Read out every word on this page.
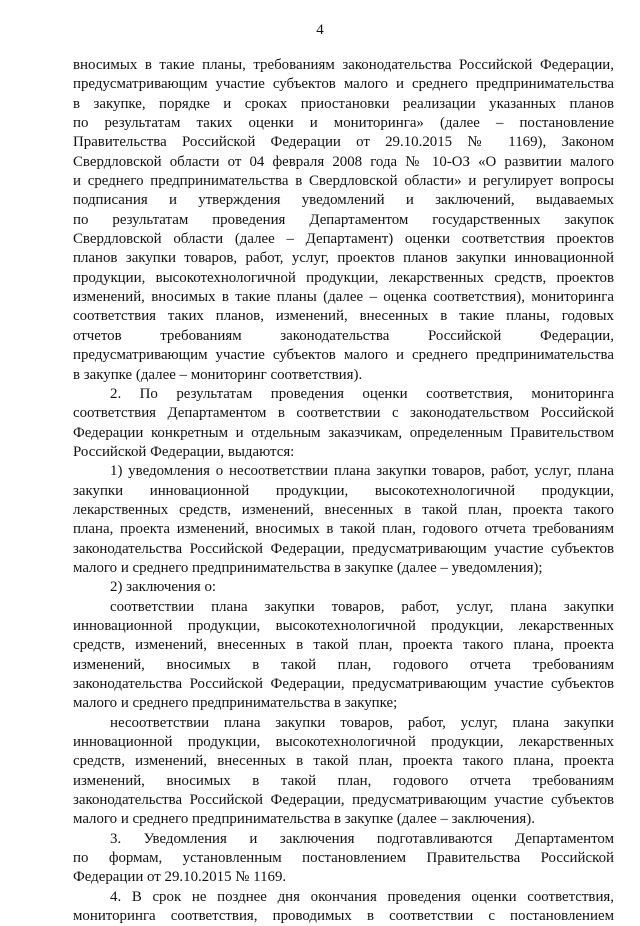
4
вносимых в такие планы, требованиям законодательства Российской Федерации,
предусматривающим участие субъектов малого и среднего предпринимательства
в закупке, порядке и сроках приостановки реализации указанных планов
по результатам таких оценки и мониторинга» (далее – постановление
Правительства Российской Федерации от 29.10.2015 № 1169), Законом
Свердловской области от 04 февраля 2008 года № 10-ОЗ «О развитии малого
и среднего предпринимательства в Свердловской области» и регулирует вопросы
подписания и утверждения уведомлений и заключений, выдаваемых
по результатам проведения Департаментом государственных закупок
Свердловской области (далее – Департамент) оценки соответствия проектов
планов закупки товаров, работ, услуг, проектов планов закупки инновационной
продукции, высокотехнологичной продукции, лекарственных средств, проектов
изменений, вносимых в такие планы (далее – оценка соответствия), мониторинга
соответствия таких планов, изменений, внесенных в такие планы, годовых
отчетов требованиям законодательства Российской Федерации,
предусматривающим участие субъектов малого и среднего предпринимательства
в закупке (далее – мониторинг соответствия).
2. По результатам проведения оценки соответствия, мониторинга
соответствия Департаментом в соответствии с законодательством Российской
Федерации конкретным и отдельным заказчикам, определенным Правительством
Российской Федерации, выдаются:
1) уведомления о несоответствии плана закупки товаров, работ, услуг, плана
закупки инновационной продукции, высокотехнологичной продукции,
лекарственных средств, изменений, внесенных в такой план, проекта такого
плана, проекта изменений, вносимых в такой план, годового отчета требованиям
законодательства Российской Федерации, предусматривающим участие субъектов
малого и среднего предпринимательства в закупке (далее – уведомления);
2) заключения о:
соответствии плана закупки товаров, работ, услуг, плана закупки
инновационной продукции, высокотехнологичной продукции, лекарственных
средств, изменений, внесенных в такой план, проекта такого плана, проекта
изменений, вносимых в такой план, годового отчета требованиям
законодательства Российской Федерации, предусматривающим участие субъектов
малого и среднего предпринимательства в закупке;
несоответствии плана закупки товаров, работ, услуг, плана закупки
инновационной продукции, высокотехнологичной продукции, лекарственных
средств, изменений, внесенных в такой план, проекта такого плана, проекта
изменений, вносимых в такой план, годового отчета требованиям
законодательства Российской Федерации, предусматривающим участие субъектов
малого и среднего предпринимательства в закупке (далее – заключения).
3. Уведомления и заключения подготавливаются Департаментом
по формам, установленным постановлением Правительства Российской
Федерации от 29.10.2015 № 1169.
4. В срок не позднее дня окончания проведения оценки соответствия,
мониторинга соответствия, проводимых в соответствии с постановлением
